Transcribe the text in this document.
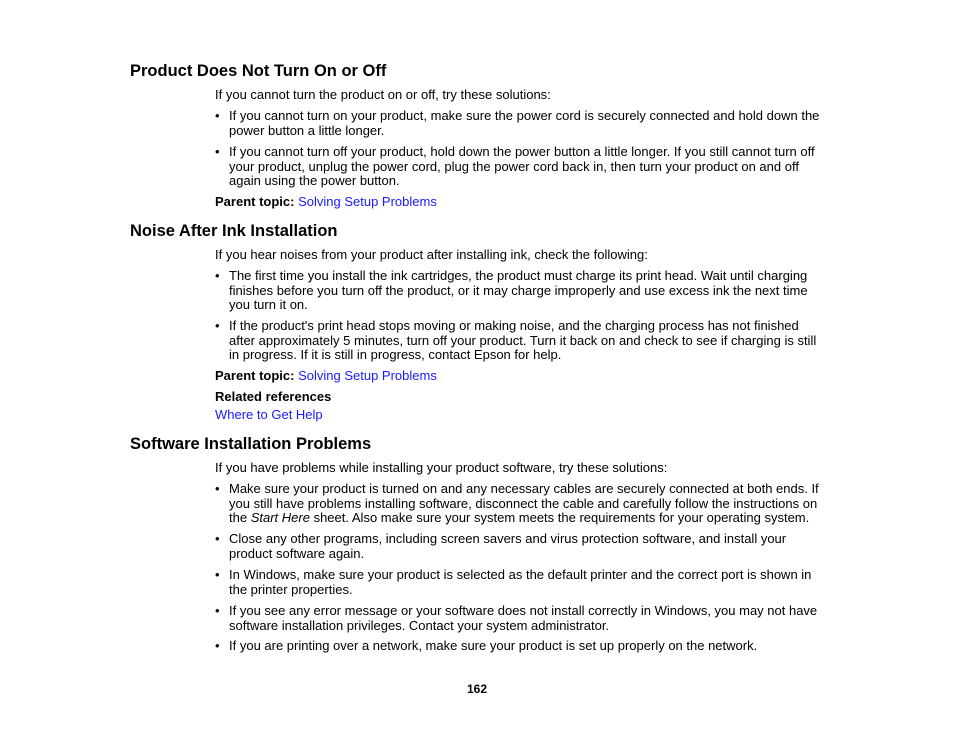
Product Does Not Turn On or Off

If you cannot turn the product on or off, try these solutions:

• If you cannot turn on your product, make sure the power cord is securely connected and hold down the power button a little longer.
• If you cannot turn off your product, hold down the power button a little longer. If you still cannot turn off your product, unplug the power cord, plug the power cord back in, then turn your product on and off again using the power button.

Parent topic: Solving Setup Problems

Noise After Ink Installation

If you hear noises from your product after installing ink, check the following:

• The first time you install the ink cartridges, the product must charge its print head. Wait until charging finishes before you turn off the product, or it may charge improperly and use excess ink the next time you turn it on.
• If the product's print head stops moving or making noise, and the charging process has not finished after approximately 5 minutes, turn off your product. Turn it back on and check to see if charging is still in progress. If it is still in progress, contact Epson for help.

Parent topic: Solving Setup Problems

Related references

Where to Get Help

Software Installation Problems

If you have problems while installing your product software, try these solutions:

• Make sure your product is turned on and any necessary cables are securely connected at both ends. If you still have problems installing software, disconnect the cable and carefully follow the instructions on the Start Here sheet. Also make sure your system meets the requirements for your operating system.
• Close any other programs, including screen savers and virus protection software, and install your product software again.
• In Windows, make sure your product is selected as the default printer and the correct port is shown in the printer properties.
• If you see any error message or your software does not install correctly in Windows, you may not have software installation privileges. Contact your system administrator.
• If you are printing over a network, make sure your product is set up properly on the network.
162
